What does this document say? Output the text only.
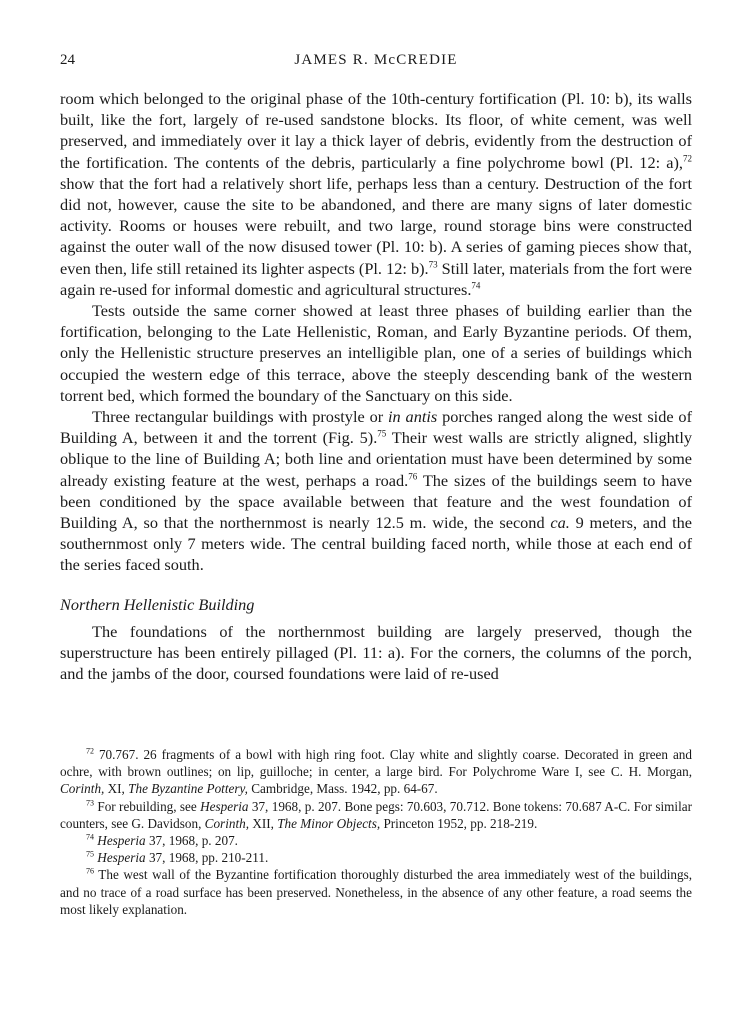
24	JAMES R. McCREDIE

room which belonged to the original phase of the 10th-century fortification (Pl. 10: b), its walls built, like the fort, largely of re-used sandstone blocks. Its floor, of white cement, was well preserved, and immediately over it lay a thick layer of debris, evidently from the destruction of the fortification. The contents of the debris, particularly a fine polychrome bowl (Pl. 12: a),$^{72}$ show that the fort had a relatively short life, perhaps less than a century. Destruction of the fort did not, however, cause the site to be abandoned, and there are many signs of later domestic activity. Rooms or houses were rebuilt, and two large, round storage bins were constructed against the outer wall of the now disused tower (Pl. 10: b). A series of gaming pieces show that, even then, life still retained its lighter aspects (Pl. 12: b).$^{73}$ Still later, materials from the fort were again re-used for informal domestic and agricultural structures.$^{74}$

Tests outside the same corner showed at least three phases of building earlier than the fortification, belonging to the Late Hellenistic, Roman, and Early Byzantine periods. Of them, only the Hellenistic structure preserves an intelligible plan, one of a series of buildings which occupied the western edge of this terrace, above the steeply descending bank of the western torrent bed, which formed the boundary of the Sanctuary on this side.

Three rectangular buildings with prostyle or in antis porches ranged along the west side of Building A, between it and the torrent (Fig. 5).$^{75}$ Their west walls are strictly aligned, slightly oblique to the line of Building A; both line and orientation must have been determined by some already existing feature at the west, perhaps a road.$^{76}$ The sizes of the buildings seem to have been conditioned by the space available between that feature and the west foundation of Building A, so that the northernmost is nearly 12.5 m. wide, the second ca. 9 meters, and the southernmost only 7 meters wide. The central building faced north, while those at each end of the series faced south.

Northern Hellenistic Building

The foundations of the northernmost building are largely preserved, though the superstructure has been entirely pillaged (Pl. 11: a). For the corners, the columns of the porch, and the jambs of the door, coursed foundations were laid of re-used

$^{72}$ 70.767. 26 fragments of a bowl with high ring foot. Clay white and slightly coarse. Decorated in green and ochre, with brown outlines; on lip, guilloche; in center, a large bird. For Polychrome Ware I, see C. H. Morgan, Corinth, XI, The Byzantine Pottery, Cambridge, Mass. 1942, pp. 64-67.

$^{73}$ For rebuilding, see Hesperia 37, 1968, p. 207. Bone pegs: 70.603, 70.712. Bone tokens: 70.687 A-C. For similar counters, see G. Davidson, Corinth, XII, The Minor Objects, Princeton 1952, pp. 218-219.

$^{74}$ Hesperia 37, 1968, p. 207.

$^{75}$ Hesperia 37, 1968, pp. 210-211.

$^{76}$ The west wall of the Byzantine fortification thoroughly disturbed the area immediately west of the buildings, and no trace of a road surface has been preserved. Nonetheless, in the absence of any other feature, a road seems the most likely explanation.
